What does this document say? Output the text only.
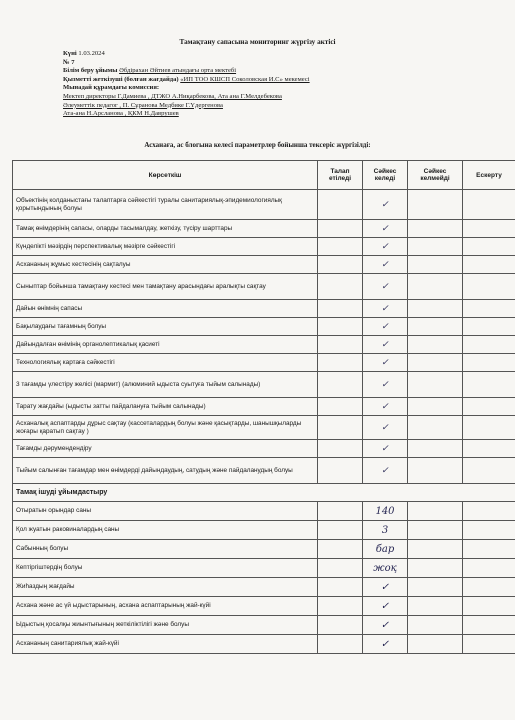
Тамақтану сапасына мониторинг жүргізу актісі
Күні 1.03.2024
№ 7
Білім беру ұйымы Әбдірахан Әйтиев атындағы орта мектебі
Қызметті жеткізуші (болған жағдайда) «ИП ТОО КШСП Соколовская И.С» мекемесі
Мынадай құрамдағы комиссия:
Мектеп директоры Г.Дамиева , ДТЖО А.Ниқарбекова, Ата ана Г.Мелдебекова
Әлеуметтік педагог , П. Сұранова Медбике Г.Үдергенова
Ата-ана Н.Арсланова , ҚКМ Н.Даврушев
Асханаға, ас блогына келесі параметрлер бойынша тексеріс жүргізілді:
Көрсеткіш	Талап етіледі	Сәйкес келеді	Сәйкес келмейді	Ескерту
Объектінің колданыстағы талаптарға сәйкестігі туралы санитариялық-эпидемиологиялық қорытындының болуы		✓		
Тамақ өнімдерінің сапасы, оларды тасымалдау, жеткізу, түсіру шарттары		✓		
Күнделікті мәзірдің перспективалық мәзірге сәйкестігі		✓		
Асхананың жұмыс кестесінің сақталуы		✓		
Сыныптар бойынша тамақтану кестесі мен тамақтану арасындағы аралықты сақтау		✓		
Дайын өнімнің сапасы		✓		
Бақылаудағы тағамның болуы		✓		
Дайындалған өнімінің органолептикалық қасиеті		✓		
Технологиялық картаға сәйкестігі		✓		
3 тағамды үлестіру желісі (мармит) (алюминий ыдыста суытуға тыйым салынады)		✓		
Тарату жағдайы (ыдысты затты пайдалануға тыйым салынады)		✓		
Асханалық аспаптарды дұрыс сақтау (кассеталардың болуы және қасықтарды, шанышқыларды жоғары қаратып сақтау )		✓		
Тағамды дәрумендендіру		✓		
Тыйым салынған тағамдар мен өнімдерді дайындаудың, сатудың және пайдаланудың болуы		✓		
Тамақ ішуді ұйымдастыру				
Отыратын орындар саны		140		
Қол жуатын раковиналардың саны		3		
Сабынның болуы		бар		
Кептіргіштердің болуы		жоқ		
Жиһаздың жағдайы		✓		
Асхана және ас үй ыдыстарының, асхана аспаптарының жай-күйі		✓		
Ыдыстың қосалқы жиынтығының жеткіліктілігі және болуы		✓		
Асхананың санитариялық жай-күйі		✓		
